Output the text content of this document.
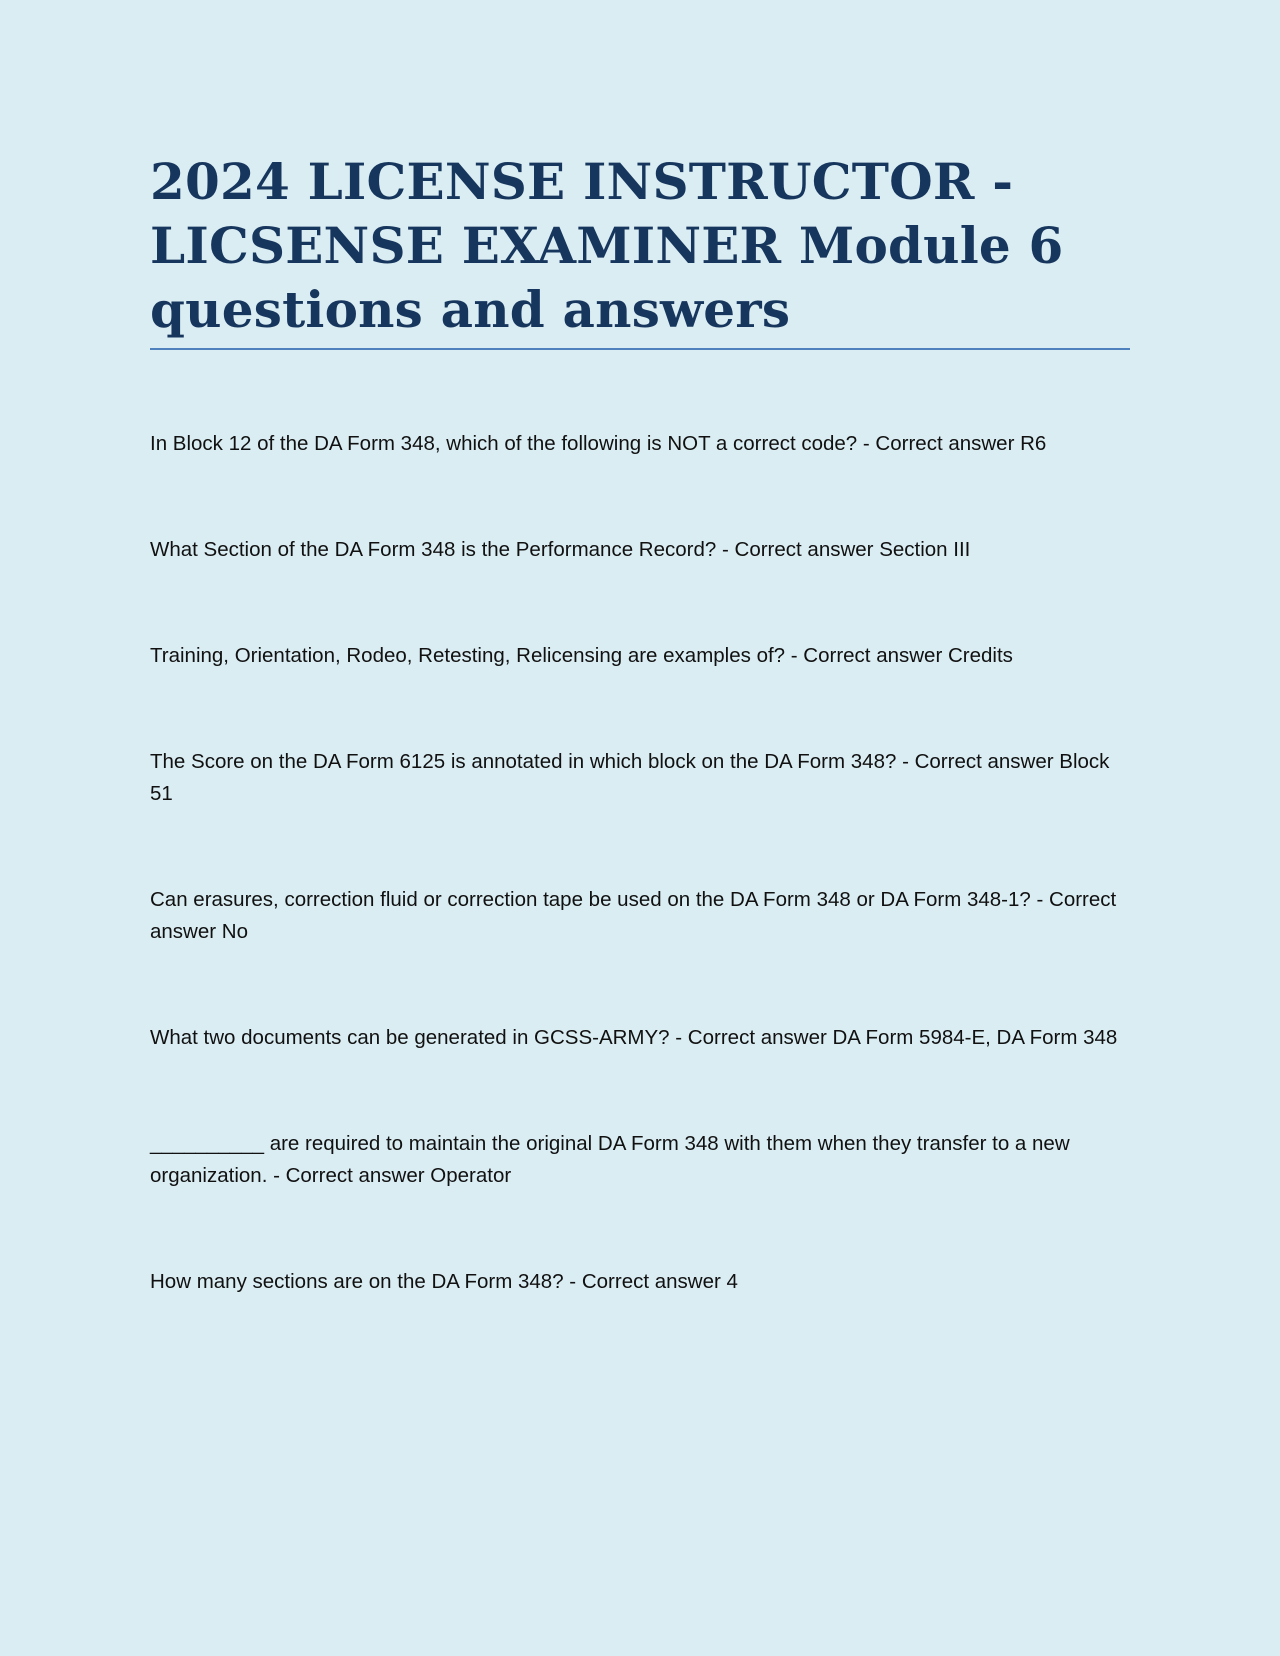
2024 LICENSE INSTRUCTOR - LICSENSE EXAMINER Module 6 questions and answers

In Block 12 of the DA Form 348, which of the following is NOT a correct code? - Correct answer R6

What Section of the DA Form 348 is the Performance Record? - Correct answer Section III

Training, Orientation, Rodeo, Retesting, Relicensing are examples of? - Correct answer Credits

The Score on the DA Form 6125 is annotated in which block on the DA Form 348? - Correct answer Block 51

Can erasures, correction fluid or correction tape be used on the DA Form 348 or DA Form 348-1? - Correct answer No

What two documents can be generated in GCSS-ARMY? - Correct answer DA Form 5984-E, DA Form 348

__________ are required to maintain the original DA Form 348 with them when they transfer to a new organization. - Correct answer Operator

How many sections are on the DA Form 348? - Correct answer 4
